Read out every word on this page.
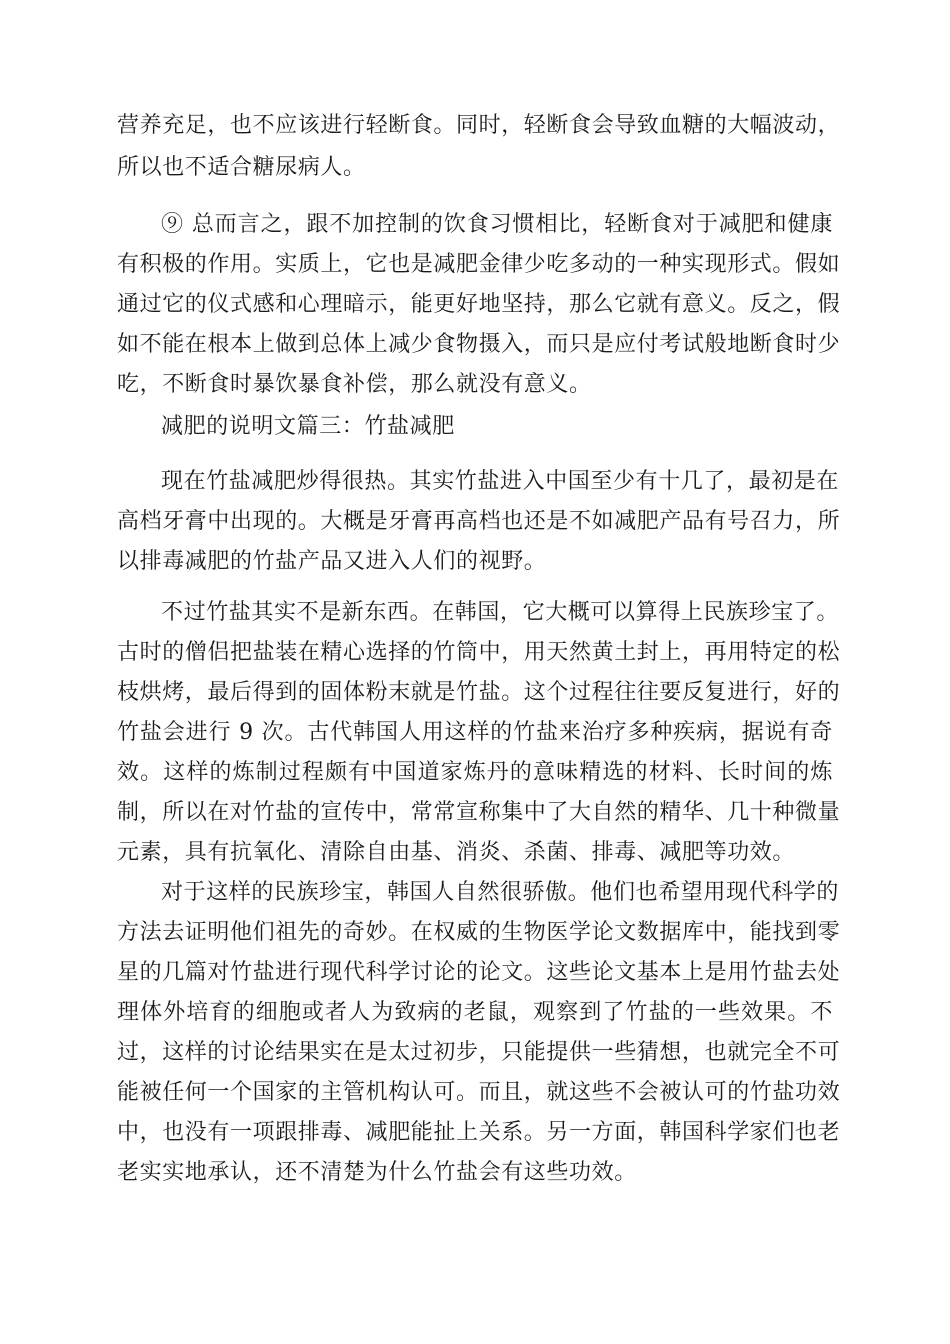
营养充足，也不应该进行轻断食。同时，轻断食会导致血糖的大幅波动，
所以也不适合糖尿病人。
⑨ 总而言之，跟不加控制的饮食习惯相比，轻断食对于减肥和健康
有积极的作用。实质上，它也是减肥金律少吃多动的一种实现形式。假如
通过它的仪式感和心理暗示，能更好地坚持，那么它就有意义。反之，假
如不能在根本上做到总体上减少食物摄入，而只是应付考试般地断食时少
吃，不断食时暴饮暴食补偿，那么就没有意义。
减肥的说明文篇三：竹盐减肥
现在竹盐减肥炒得很热。其实竹盐进入中国至少有十几了，最初是在
高档牙膏中出现的。大概是牙膏再高档也还是不如减肥产品有号召力，所
以排毒减肥的竹盐产品又进入人们的视野。
不过竹盐其实不是新东西。在韩国，它大概可以算得上民族珍宝了。
古时的僧侣把盐装在精心选择的竹筒中，用天然黄土封上，再用特定的松
枝烘烤，最后得到的固体粉末就是竹盐。这个过程往往要反复进行，好的
竹盐会进行 9 次。古代韩国人用这样的竹盐来治疗多种疾病，据说有奇
效。这样的炼制过程颇有中国道家炼丹的意味精选的材料、长时间的炼
制，所以在对竹盐的宣传中，常常宣称集中了大自然的精华、几十种微量
元素，具有抗氧化、清除自由基、消炎、杀菌、排毒、减肥等功效。
对于这样的民族珍宝，韩国人自然很骄傲。他们也希望用现代科学的
方法去证明他们祖先的奇妙。在权威的生物医学论文数据库中，能找到零
星的几篇对竹盐进行现代科学讨论的论文。这些论文基本上是用竹盐去处
理体外培育的细胞或者人为致病的老鼠，观察到了竹盐的一些效果。不
过，这样的讨论结果实在是太过初步，只能提供一些猜想，也就完全不可
能被任何一个国家的主管机构认可。而且，就这些不会被认可的竹盐功效
中，也没有一项跟排毒、减肥能扯上关系。另一方面，韩国科学家们也老
老实实地承认，还不清楚为什么竹盐会有这些功效。
